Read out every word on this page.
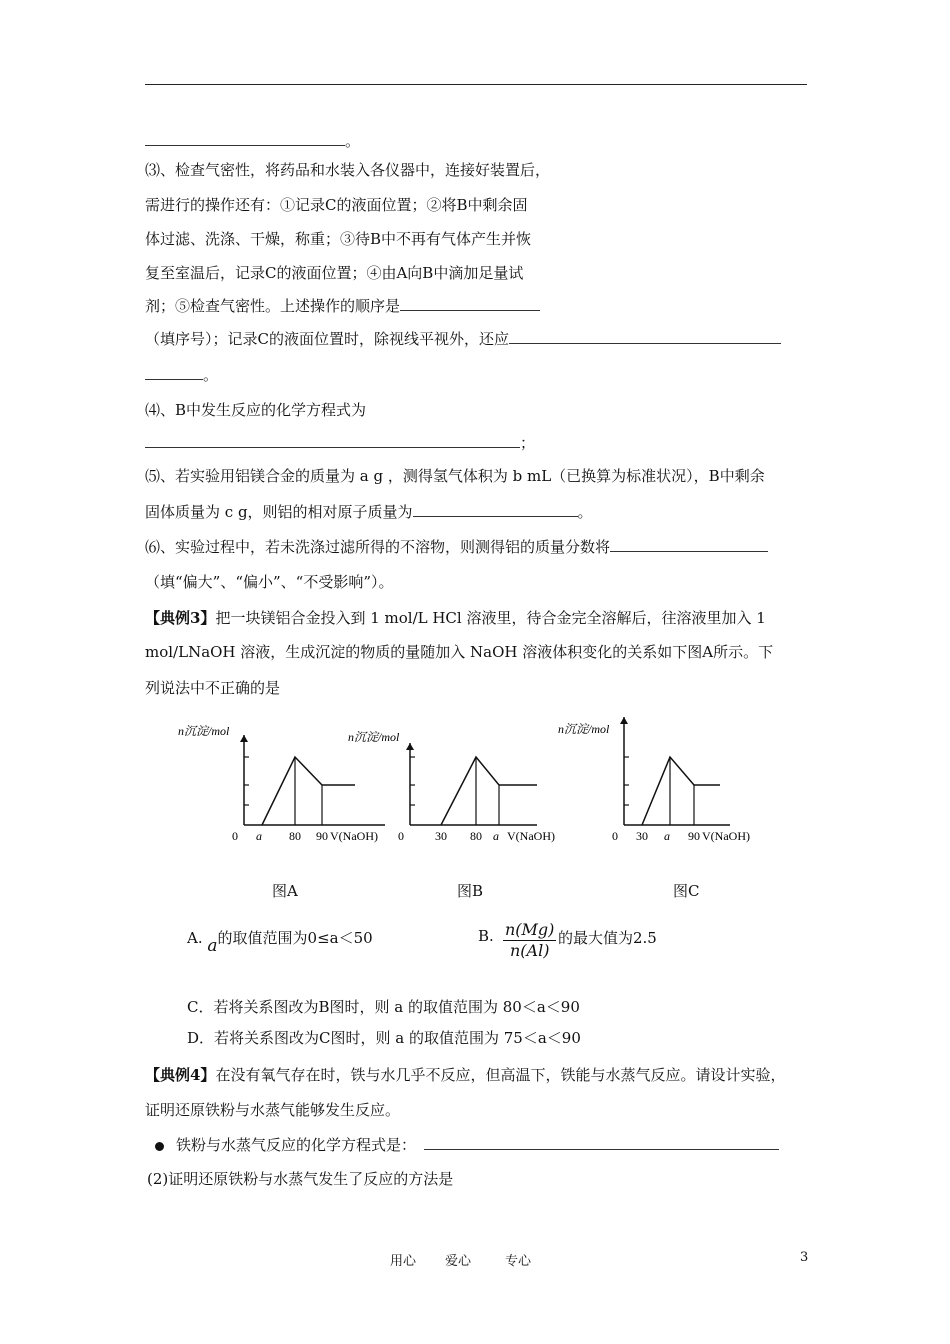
。
⑶、检查气密性，将药品和水装入各仪器中，连接好装置后，
需进行的操作还有：①记录C的液面位置；②将B中剩余固
体过滤、洗涤、干燥，称重；③待B中不再有气体产生并恢
复至室温后，记录C的液面位置；④由A向B中滴加足量试
剂；⑤检查气密性。上述操作的顺序是
（填序号）；记录C的液面位置时，除视线平视外，还应
。
⑷、B中发生反应的化学方程式为
；
⑸、若实验用铝镁合金的质量为 a g ，测得氢气体积为 b mL（已换算为标准状况），B中剩余
固体质量为 c g，则铝的相对原子质量为	。
⑹、实验过程中，若未洗涤过滤所得的不溶物，则测得铝的质量分数将
（填“偏大”、“偏小”、“不受影响”）。
【典例3】把一块镁铝合金投入到 1 mol/L HCl 溶液里，待合金完全溶解后，往溶液里加入 1
mol/LNaOH 溶液，生成沉淀的物质的量随加入 NaOH 溶液体积变化的关系如下图A所示。下
列说法中不正确的是
n沉淀/mol
0 a 80 90 V(NaOH)
n沉淀/mol
0	30 80 a V(NaOH)
n沉淀/mol
0 30 a 90 V(NaOH)
图A	图B	图C
A. a的取值范围为0≤a＜50	B. $\frac{n(Mg)}{n(Al)}$ 的最大值为2.5
C．若将关系图改为B图时，则 a 的取值范围为 80＜a＜90
D．若将关系图改为C图时，则 a 的取值范围为 75＜a＜90
【典例4】在没有氧气存在时，铁与水几乎不反应，但高温下，铁能与水蒸气反应。请设计实验，
证明还原铁粉与水蒸气能够发生反应。
铁粉与水蒸气反应的化学方程式是：
(2)证明还原铁粉与水蒸气发生了反应的方法是
用心 爱心	专心	3
